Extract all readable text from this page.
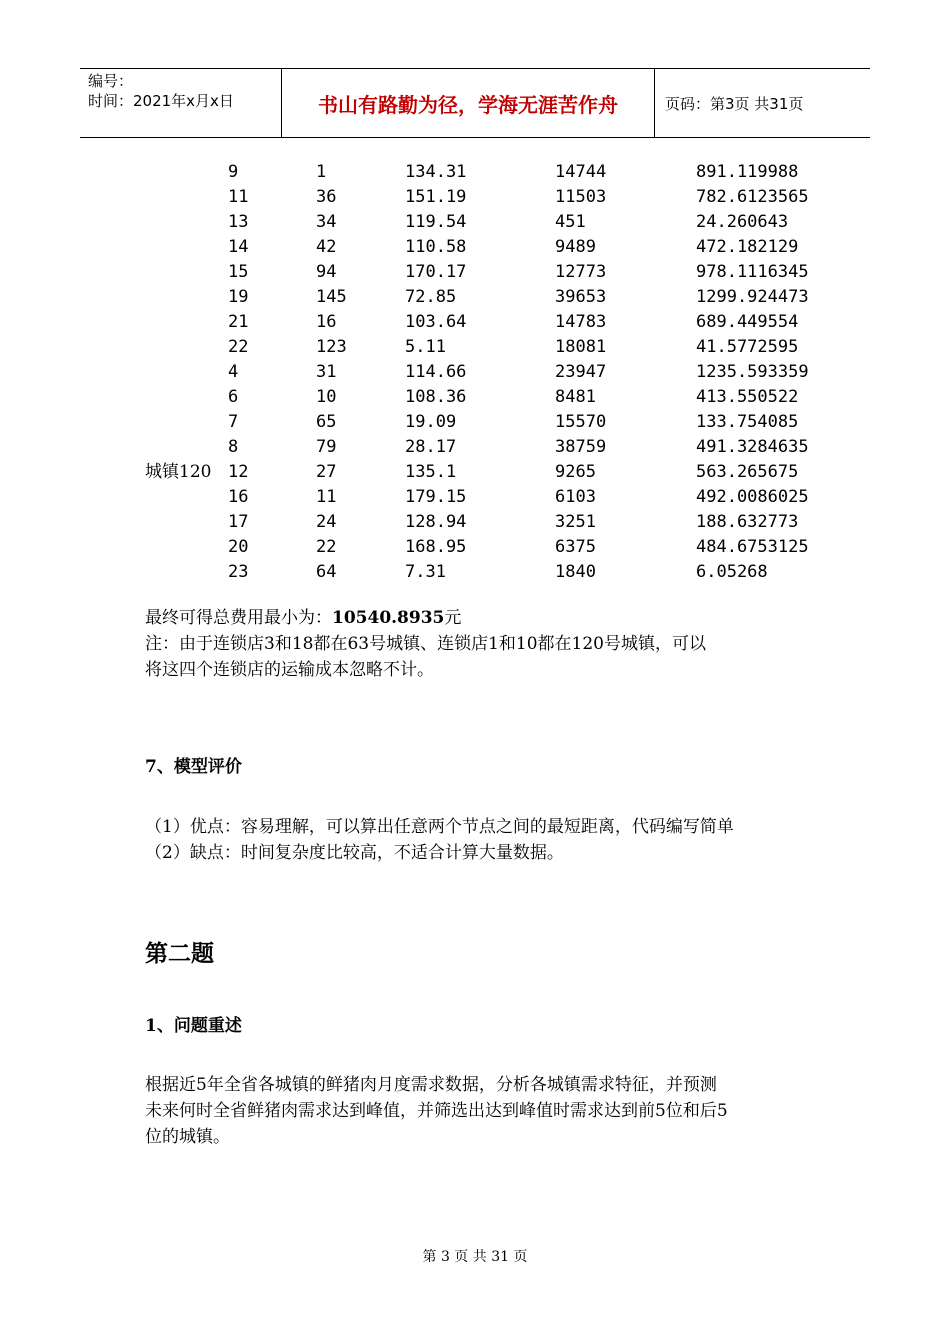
编号：
时间：2021年x月x日	书山有路勤为径，学海无涯苦作舟	页码：第3页 共31页
9	1	134.31	14744	891.119988
11	36	151.19	11503	782.6123565
13	34	119.54	451	24.260643
14	42	110.58	9489	472.182129
15	94	170.17	12773	978.1116345
19	145	72.85	39653	1299.924473
21	16	103.64	14783	689.449554
22	123	5.11	18081	41.5772595
4	31	114.66	23947	1235.593359
6	10	108.36	8481	413.550522
7	65	19.09	15570	133.754085
8	79	28.17	38759	491.3284635
城镇120 12	27	135.1	9265	563.265675
16	11	179.15	6103	492.0086025
17	24	128.94	3251	188.632773
20	22	168.95	6375	484.6753125
23	64	7.31	1840	6.05268
最终可得总费用最小为：10540.8935元
注：由于连锁店3和18都在63号城镇、连锁店1和10都在120号城镇，可以
将这四个连锁店的运输成本忽略不计。
7、模型评价
（1）优点：容易理解，可以算出任意两个节点之间的最短距离，代码编写简单
（2）缺点：时间复杂度比较高，不适合计算大量数据。
第二题
1、问题重述
根据近5年全省各城镇的鲜猪肉月度需求数据，分析各城镇需求特征，并预测
未来何时全省鲜猪肉需求达到峰值，并筛选出达到峰值时需求达到前5位和后5
位的城镇。
第 3 页 共 31 页
